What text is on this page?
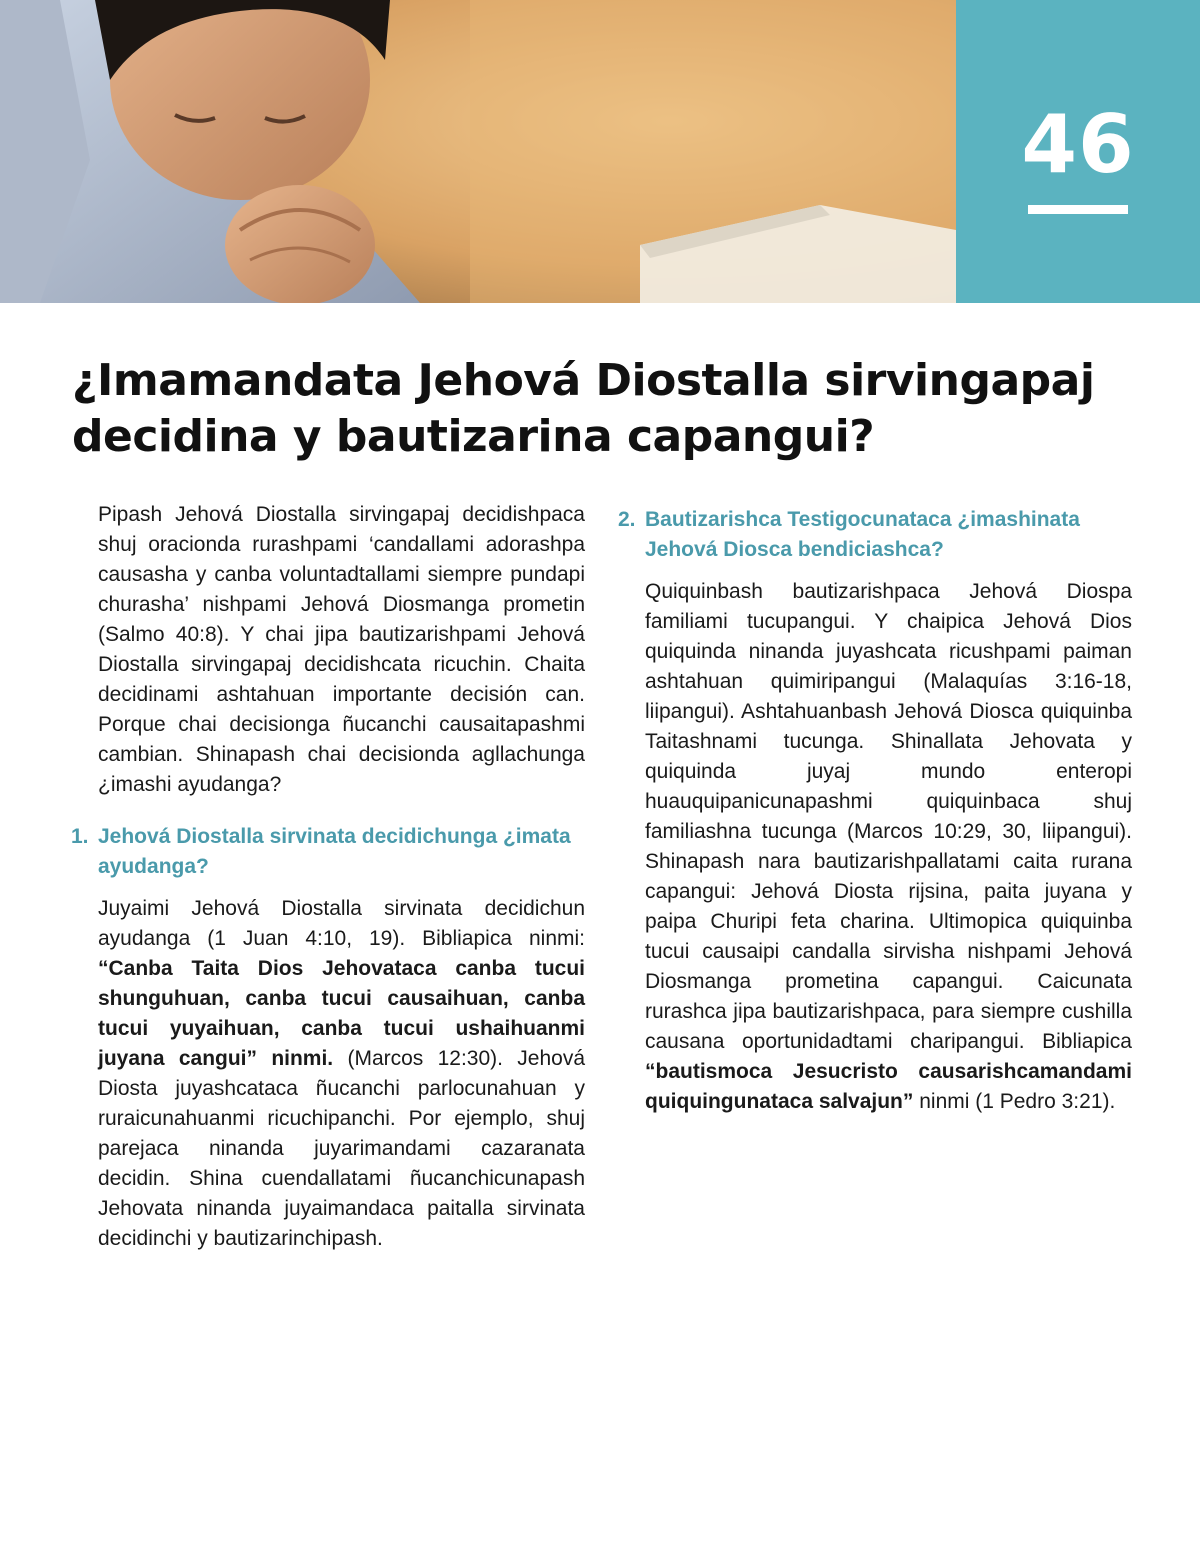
46
¿Imamandata Jehová Diostalla sirvingapaj decidina y bautizarina capangui?

Pipash Jehová Diostalla sirvingapaj decidishpaca shuj oracionda rurashpami ‘candallami adorashpa causasha y canba voluntadtallami siempre pundapi churasha’ nishpami Jehová Diosmanga prometin (Salmo 40:8). Y chai jipa bautizarishpami Jehová Diostalla sirvingapaj decidishcata ricuchin. Chaita decidinami ashtahuan importante decisión can. Porque chai decisionga ñucanchi causaitapashmi cambian. Shinapash chai decisionda agllachunga ¿imashi ayudanga?

1. Jehová Diostalla sirvinata decidichunga ¿imata ayudanga?

Juyaimi Jehová Diostalla sirvinata decidichun ayudanga (1 Juan 4:10, 19). Bibliapica ninmi: “Canba Taita Dios Jehovataca canba tucui shunguhuan, canba tucui causaihuan, canba tucui yuyaihuan, canba tucui ushaihuanmi juyana cangui” ninmi. (Marcos 12:30). Jehová Diosta juyashcataca ñucanchi parlocunahuan y ruraicunahuanmi ricuchipanchi. Por ejemplo, shuj parejaca ninanda juyarimandami cazaranata decidin. Shina cuendallatami ñucanchicunapash Jehovata ninanda juyaimandaca paitalla sirvinata decidinchi y bautizarinchipash.

2. Bautizarishca Testigocunataca ¿imashinata Jehová Diosca bendiciashca?

Quiquinbash bautizarishpaca Jehová Diospa familiami tucupangui. Y chaipica Jehová Dios quiquinda ninanda juyashcata ricushpami paiman ashtahuan quimiripangui (Malaquías 3:16-18, liipangui). Ashtahuanbash Jehová Diosca quiquinba Taitashnami tucunga. Shinallata Jehovata y quiquinda juyaj mundo enteropi huauquipanicunapashmi quiquinbaca shuj familiashna tucunga (Marcos 10:29, 30, liipangui). Shinapash nara bautizarishpallatami caita rurana capangui: Jehová Diosta rijsina, paita juyana y paipa Churipi feta charina. Ultimopica quiquinba tucui causaipi candalla sirvisha nishpami Jehová Diosmanga prometina capangui. Caicunata rurashca jipa bautizarishpaca, para siempre cushilla causana oportunidadtami charipangui. Bibliapica “bautismoca Jesucristo causarishcamandami quiquingunataca salvajun” ninmi (1 Pedro 3:21).
